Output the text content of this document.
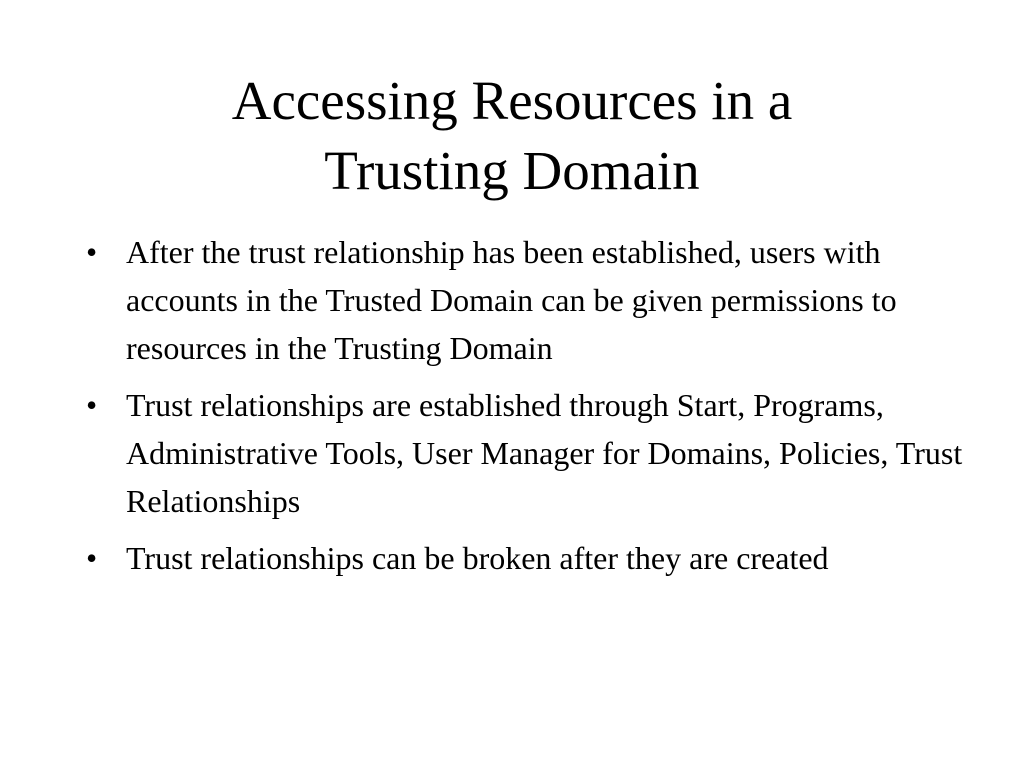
Accessing Resources in a
Trusting Domain
• After the trust relationship has been established, users with accounts in the Trusted Domain can be given permissions to resources in the Trusting Domain
• Trust relationships are established through Start, Programs, Administrative Tools, User Manager for Domains, Policies, Trust Relationships
• Trust relationships can be broken after they are created
